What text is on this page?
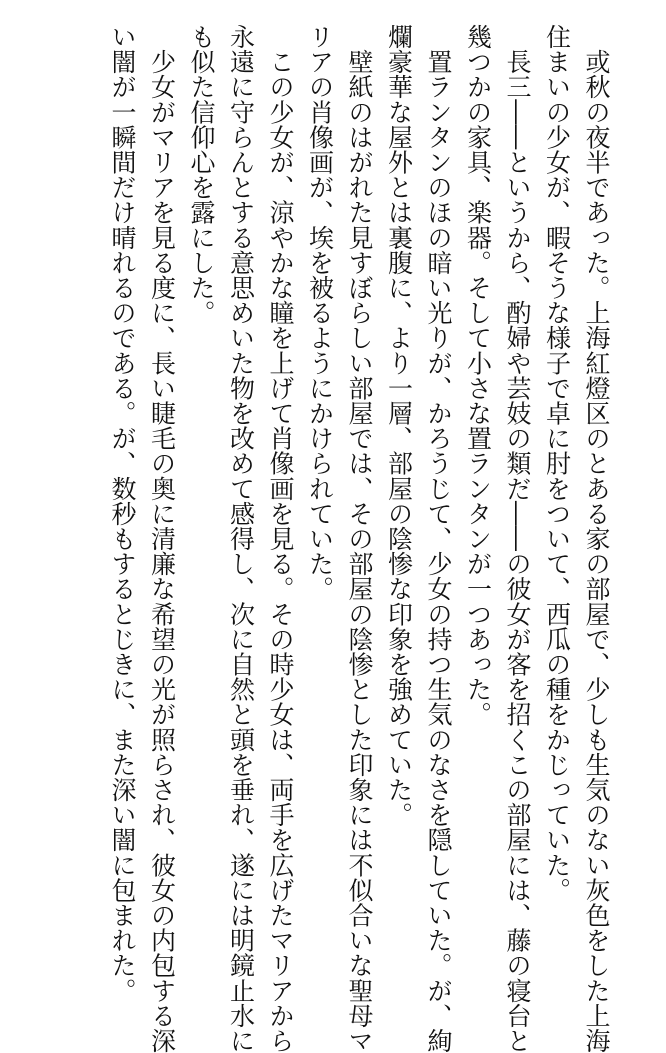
　或秋の夜半であった。上海紅燈区のとある家の部屋で、少しも生気のない灰色をした上海
住まいの少女が、暇そうな様子で卓に肘をついて、西瓜の種をかじっていた。
　長三――というから、酌婦や芸妓の類だ――の彼女が客を招くこの部屋には、藤の寝台と
幾つかの家具、楽器。そして小さな置ランタンが一つあった。
　置ランタンのほの暗い光りが、かろうじて、少女の持つ生気のなさを隠していた。が、絢
爛豪華な屋外とは裏腹に、より一層、部屋の陰惨な印象を強めていた。
　壁紙のはがれた見すぼらしい部屋では、その部屋の陰惨とした印象には不似合いな聖母マ
リアの肖像画が、埃を被るようにかけられていた。
　この少女が、涼やかな瞳を上げて肖像画を見る。その時少女は、両手を広げたマリアから
永遠に守らんとする意思めいた物を改めて感得し、次に自然と頭を垂れ、遂には明鏡止水に
も似た信仰心を露にした。
　少女がマリアを見る度に、長い睫毛の奥に清廉な希望の光が照らされ、彼女の内包する深
い闇が一瞬間だけ晴れるのである。が、数秒もするとじきに、また深い闇に包まれた。
